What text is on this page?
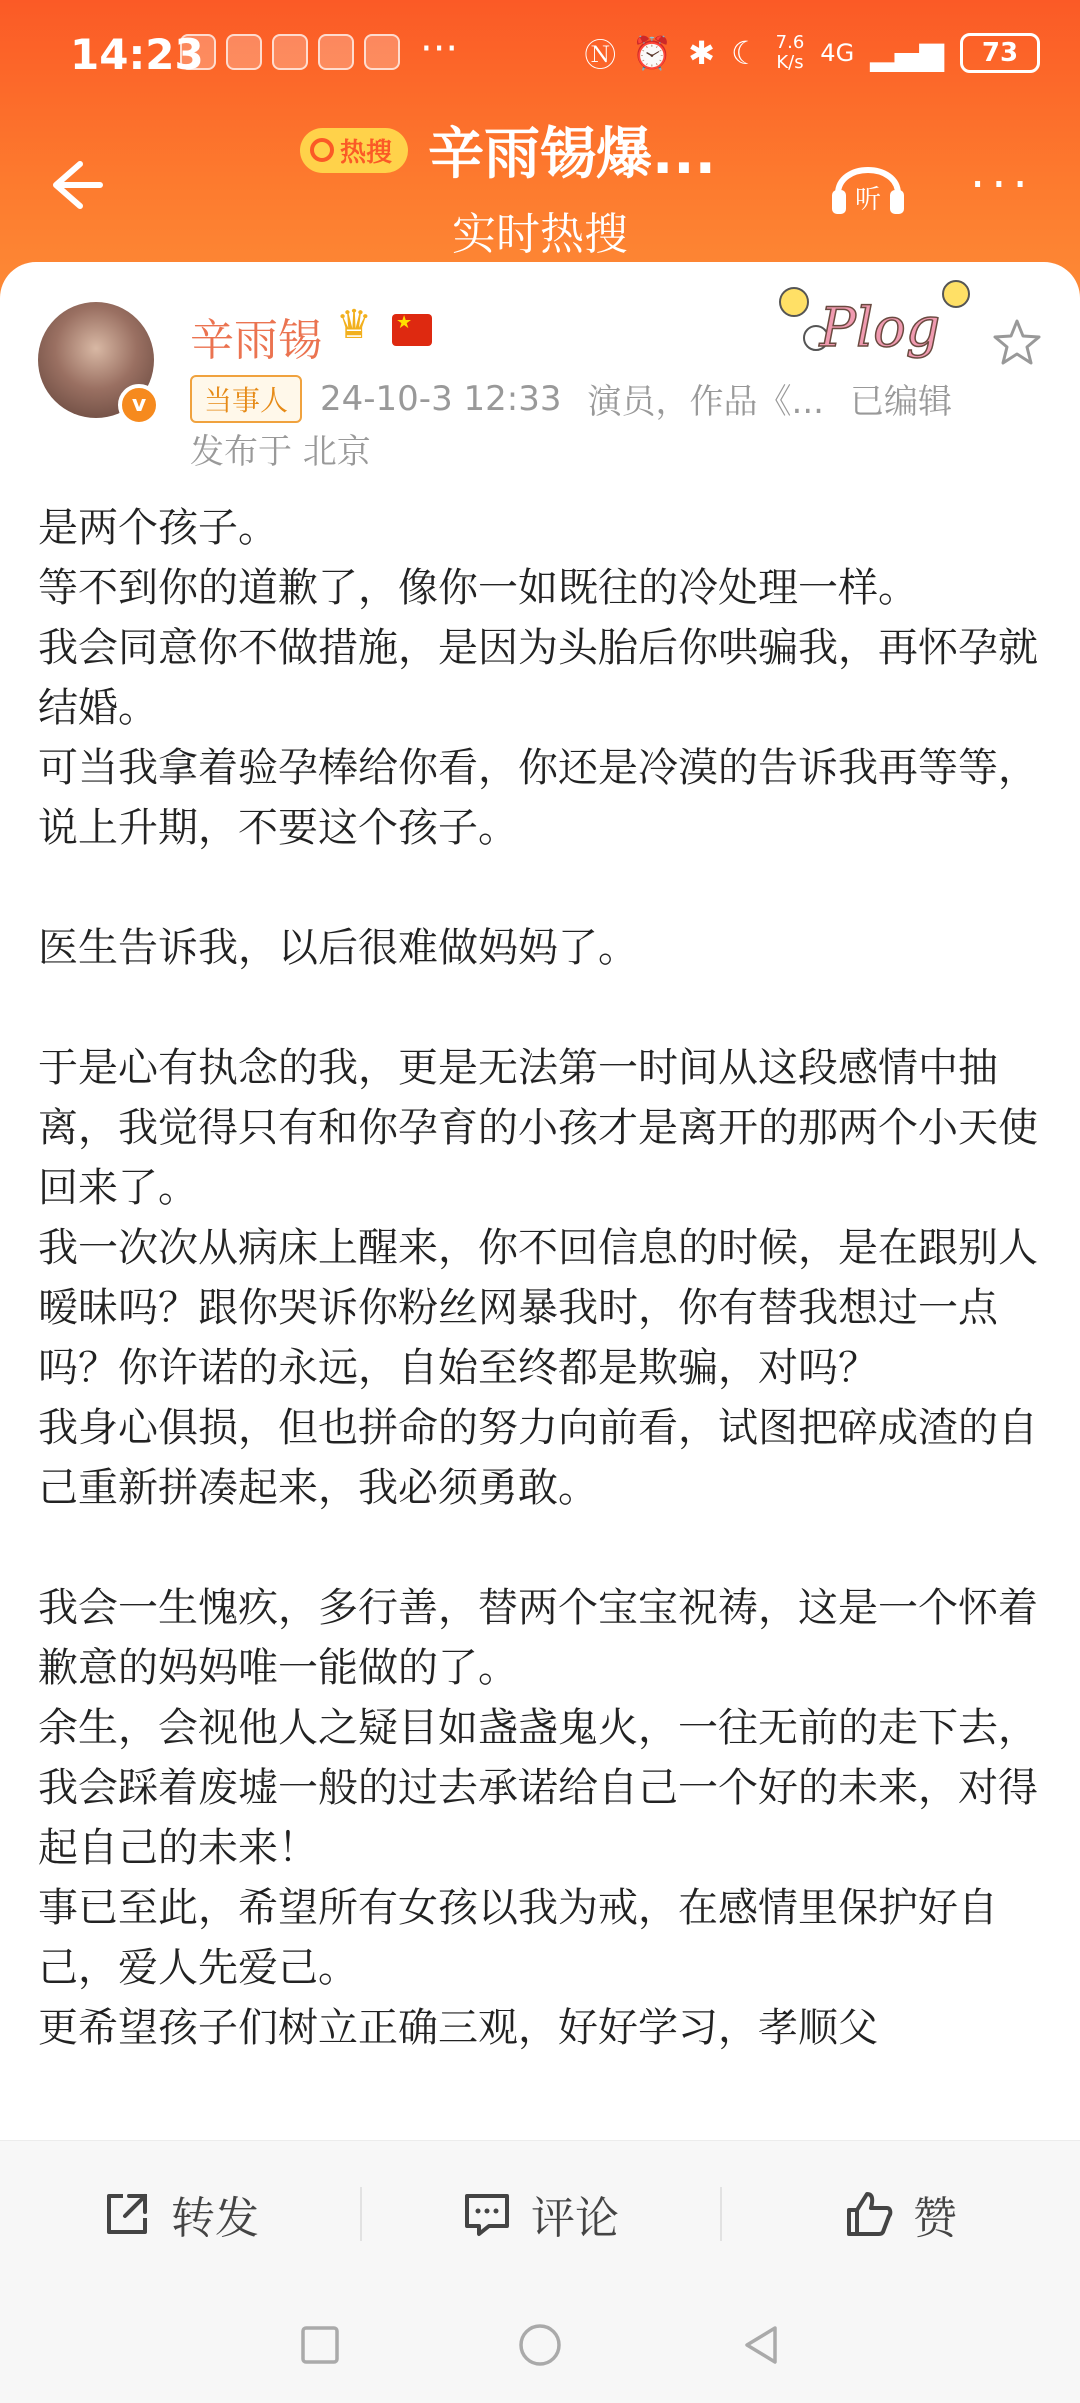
14:23	···	Ⓝ ⏰ ✱ ☾ 7.6
K/s 4G ▂▄▆	73
热搜 辛雨锡爆...
实时热搜
听 ···
v
辛雨锡 ♛
★
当事人 24-10-3 12:33 演员，作品《... 已编辑
发布于 北京
Plog

是两个孩子。

等不到你的道歉了，像你一如既往的冷处理一样。

我会同意你不做措施，是因为头胎后你哄骗我，再怀孕就结婚。

可当我拿着验孕棒给你看，你还是冷漠的告诉我再等等，说上升期，不要这个孩子。

医生告诉我，以后很难做妈妈了。

于是心有执念的我，更是无法第一时间从这段感情中抽离，我觉得只有和你孕育的小孩才是离开的那两个小天使回来了。

我一次次从病床上醒来，你不回信息的时候，是在跟别人暧昧吗？跟你哭诉你粉丝网暴我时，你有替我想过一点吗？你许诺的永远，自始至终都是欺骗，对吗？

我身心俱损，但也拼命的努力向前看，试图把碎成渣的自己重新拼凑起来，我必须勇敢。

我会一生愧疚，多行善，替两个宝宝祝祷，这是一个怀着歉意的妈妈唯一能做的了。

余生，会视他人之疑目如盏盏鬼火，一往无前的走下去，我会踩着废墟一般的过去承诺给自己一个好的未来，对得起自己的未来！

事已至此，希望所有女孩以我为戒，在感情里保护好自己，爱人先爱己。

更希望孩子们树立正确三观，好好学习，孝顺父

转发	评论	赞
